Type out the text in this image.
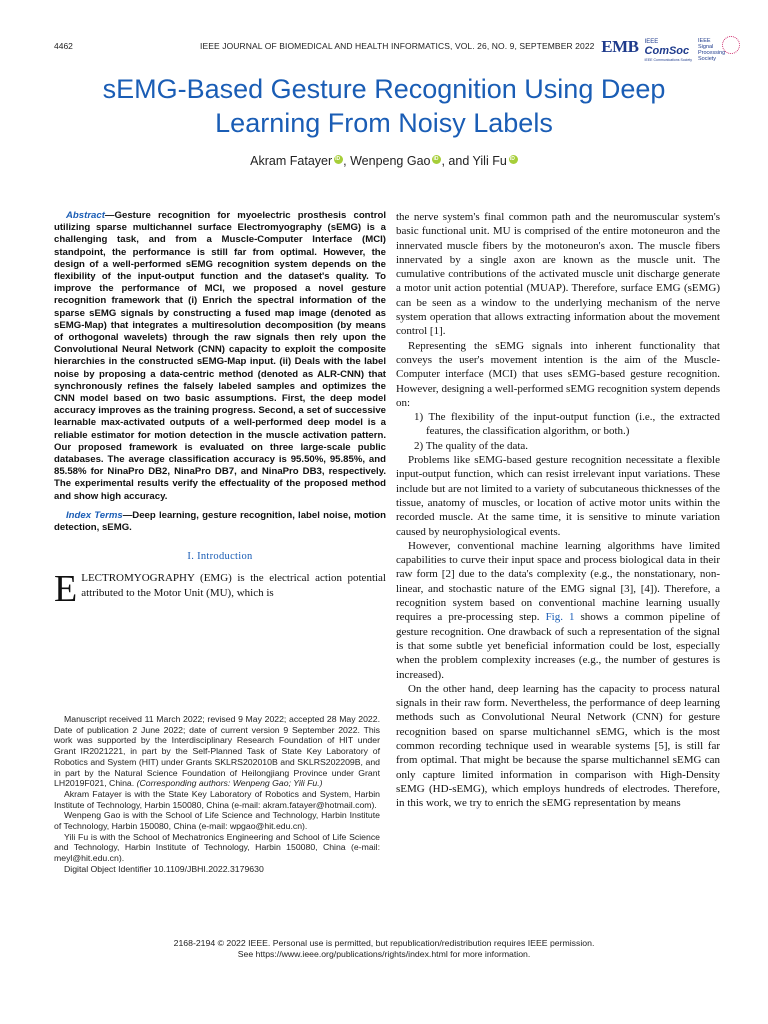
4462	IEEE JOURNAL OF BIOMEDICAL AND HEALTH INFORMATICS, VOL. 26, NO. 9, SEPTEMBER 2022 EMB IEEE
ComSoc
IEEE Communications Society
IEEE
Signal
Processing
Society
sEMG-Based Gesture Recognition Using Deep
Learning From Noisy Labels
Akram Fatayer iD , Wenpeng Gao iD , and Yili FuiD

Abstract—Gesture recognition for myoelectric prosthesis control utilizing sparse multichannel surface Electromyography (sEMG) is a challenging task, and from a Muscle-Computer Interface (MCI) standpoint, the performance is still far from optimal. However, the design of a well-performed sEMG recognition system depends on the flexibility of the input-output function and the dataset's quality. To improve the performance of MCI, we proposed a novel gesture recognition framework that (i) Enrich the spectral information of the sparse sEMG signals by constructing a fused map image (denoted as sEMG-Map) that integrates a multiresolution decomposition (by means of orthogonal wavelets) through the raw signals then rely upon the Convolutional Neural Network (CNN) capacity to exploit the composite hierarchies in the constructed sEMG-Map input. (ii) Deals with the label noise by proposing a data-centric method (denoted as ALR-CNN) that synchronously refines the falsely labeled samples and optimizes the CNN model based on two basic assumptions. First, the deep model accuracy improves as the training progress. Second, a set of successive learnable max-activated outputs of a well-performed deep model is a reliable estimator for motion detection in the muscle activation pattern. Our proposed framework is evaluated on three large-scale public databases. The average classification accuracy is 95.50%, 95.85%, and 85.58% for NinaPro DB2, NinaPro DB7, and NinaPro DB3, respectively. The experimental results verify the effectuality of the proposed method and show high accuracy.

Index Terms—Deep learning, gesture recognition, label noise, motion detection, sEMG.

I. Introduction

ELECTROMYOGRAPHY (EMG) is the electrical action potential attributed to the Motor Unit (MU), which is

Manuscript received 11 March 2022; revised 9 May 2022; accepted 28 May 2022. Date of publication 2 June 2022; date of current version 9 September 2022. This work was supported by the Interdisciplinary Research Foundation of HIT under Grant IR2021221, in part by the Self-Planned Task of State Key Laboratory of Robotics and System (HIT) under Grants SKLRS202010B and SKLRS202209B, and in part by the Natural Science Foundation of Heilongjiang Province under Grant LH2019F021, China. (Corresponding authors: Wenpeng Gao; Yili Fu.)

Akram Fatayer is with the State Key Laboratory of Robotics and System, Harbin Institute of Technology, Harbin 150080, China (e-mail: akram.fatayer@hotmail.com).

Wenpeng Gao is with the School of Life Science and Technology, Harbin Institute of Technology, Harbin 150080, China (e-mail: wpgao@hit.edu.cn).

Yili Fu is with the School of Mechatronics Engineering and School of Life Science and Technology, Harbin Institute of Technology, Harbin 150080, China (e-mail: meyl@hit.edu.cn).

Digital Object Identifier 10.1109/JBHI.2022.3179630

the nerve system's final common path and the neuromuscular system's basic functional unit. MU is comprised of the entire motoneuron and the innervated muscle fibers by the motoneuron's axon. The muscle fibers innervated by a single axon are known as the muscle unit. The cumulative contributions of the activated muscle unit discharge generate a motor unit action potential (MUAP). Therefore, surface EMG (sEMG) can be seen as a window to the underlying mechanism of the nerve system operation that allows extracting information about the movement control [1].

Representing the sEMG signals into inherent functionality that conveys the user's movement intention is the aim of the Muscle-Computer interface (MCI) that uses sEMG-based gesture recognition. However, designing a well-performed sEMG recognition system depends on:

1) The flexibility of the input-output function (i.e., the extracted features, the classification algorithm, or both.)

2) The quality of the data.

Problems like sEMG-based gesture recognition necessitate a flexible input-output function, which can resist irrelevant input variations. These include but are not limited to a variety of subcutaneous thicknesses of the tissue, anatomy of muscles, or location of active motor units within the recorded muscle. At the same time, it is sensitive to minute variation caused by neurophysiological events.

However, conventional machine learning algorithms have limited capabilities to curve their input space and process biological data in their raw form [2] due to the data's complexity (e.g., the nonstationary, non-linear, and stochastic nature of the EMG signal [3], [4]). Therefore, a recognition system based on conventional machine learning usually requires a pre-processing step. Fig. 1 shows a common pipeline of gesture recognition. One drawback of such a representation of the signal is that some subtle yet beneficial information could be lost, especially when the problem complexity increases (e.g., the number of gestures is increased).

On the other hand, deep learning has the capacity to process natural signals in their raw form. Nevertheless, the performance of deep learning methods such as Convolutional Neural Network (CNN) for gesture recognition based on sparse multichannel sEMG, which is the most common recording technique used in wearable systems [5], is still far from optimal. That might be because the sparse multichannel sEMG can only capture limited information in comparison with High-Density sEMG (HD-sEMG), which employs hundreds of electrodes. Therefore, in this work, we try to enrich the sEMG representation by means

2168-2194 © 2022 IEEE. Personal use is permitted, but republication/redistribution requires IEEE permission.
See https://www.ieee.org/publications/rights/index.html for more information.
